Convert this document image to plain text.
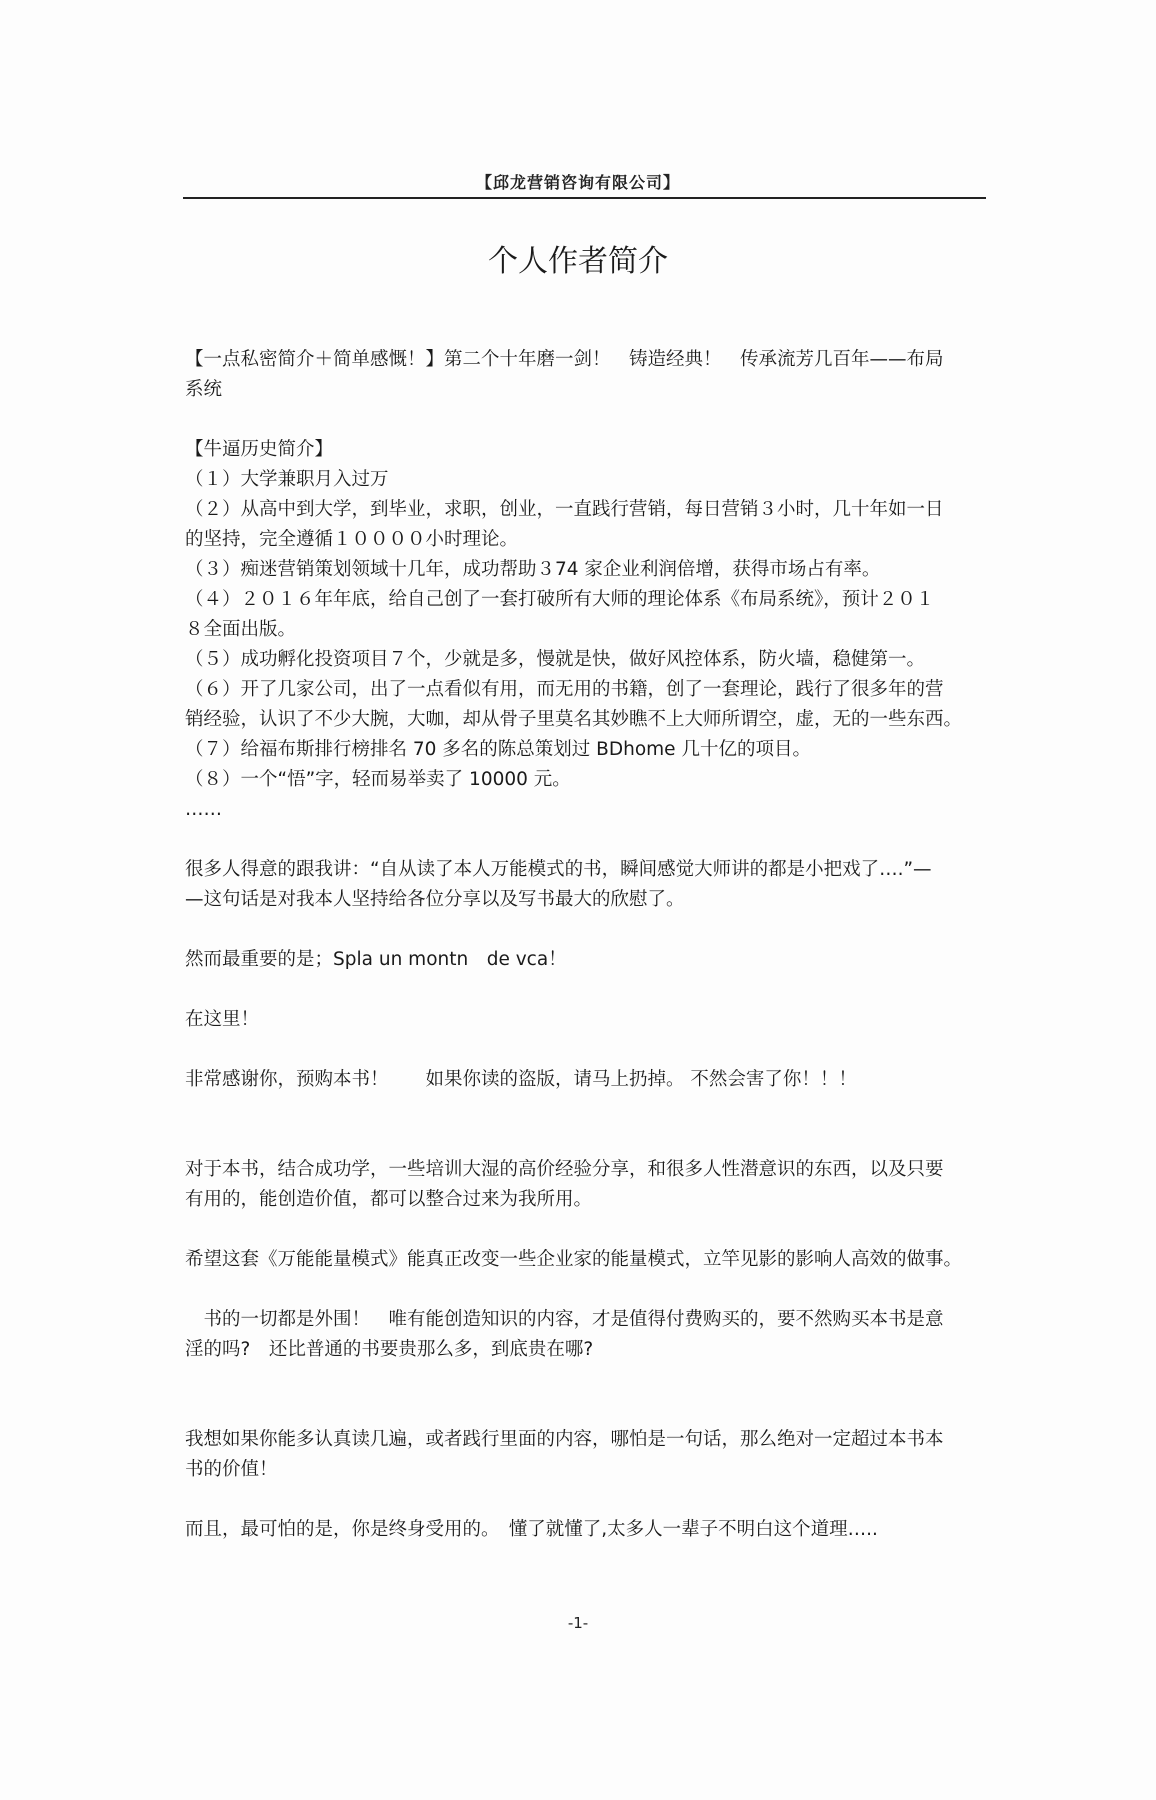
【邱龙营销咨询有限公司】
个人作者简介

【一点私密简介＋简单感慨！】第二个十年磨一剑！　铸造经典！　传承流芳几百年——布局

系统

【牛逼历史简介】

（１）大学兼职月入过万

（２）从高中到大学，到毕业，求职，创业，一直践行营销，每日营销３小时，几十年如一日

的坚持，完全遵循１００００小时理论。

（３）痴迷营销策划领域十几年，成功帮助３74 家企业利润倍增，获得市场占有率。

（４）２０１６年年底，给自己创了一套打破所有大师的理论体系《布局系统》，预计２０１

８全面出版。

（５）成功孵化投资项目７个，少就是多，慢就是快，做好风控体系，防火墙，稳健第一。

（６）开了几家公司，出了一点看似有用，而无用的书籍，创了一套理论，践行了很多年的营

销经验，认识了不少大腕，大咖，却从骨子里莫名其妙瞧不上大师所谓空，虚，无的一些东西。

（７）给福布斯排行榜排名 70 多名的陈总策划过 BDhome 几十亿的项目。

（８）一个“悟”字，轻而易举卖了 10000 元。

……

很多人得意的跟我讲：“自从读了本人万能模式的书，瞬间感觉大师讲的都是小把戏了….”—

—这句话是对我本人坚持给各位分享以及写书最大的欣慰了。

然而最重要的是；Spla un montn　de vca！

在这里！

非常感谢你，预购本书！　　如果你读的盗版，请马上扔掉。 不然会害了你！！！

对于本书，结合成功学，一些培训大湿的高价经验分享，和很多人性潜意识的东西，以及只要

有用的，能创造价值，都可以整合过来为我所用。

希望这套《万能能量模式》能真正改变一些企业家的能量模式，立竿见影的影响人高效的做事。

　书的一切都是外围！　唯有能创造知识的内容，才是值得付费购买的，要不然购买本书是意

淫的吗?　还比普通的书要贵那么多，到底贵在哪?

我想如果你能多认真读几遍，或者践行里面的内容，哪怕是一句话，那么绝对一定超过本书本

书的价值！

而且，最可怕的是，你是终身受用的。　懂了就懂了,太多人一辈子不明白这个道理…..

-1-
